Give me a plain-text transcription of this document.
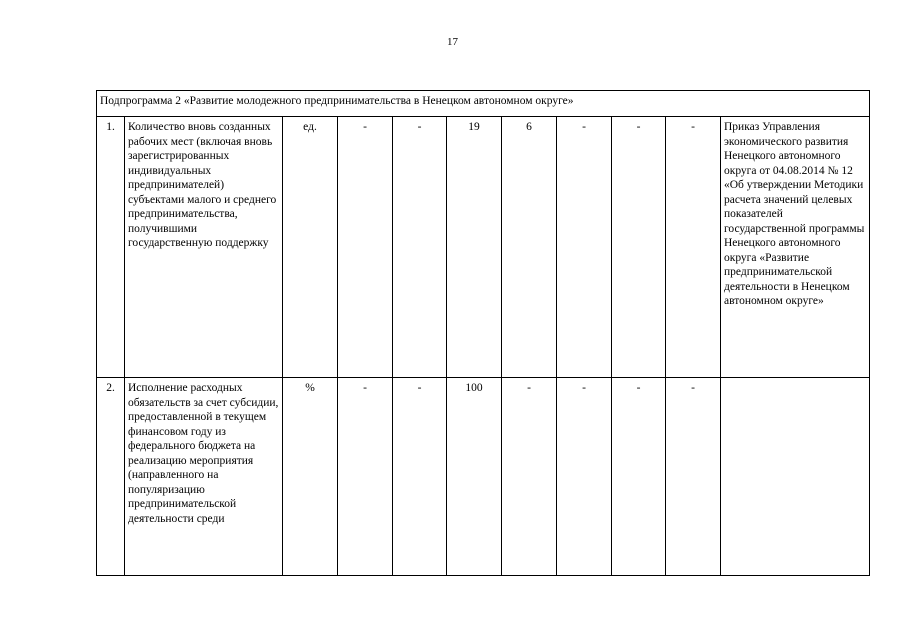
17
Подпрограмма 2 «Развитие молодежного предпринимательства в Ненецком автономном округе»										
1.	Количество вновь созданных рабочих мест (включая вновь зарегистрированных индивидуальных предпринимателей) субъектами малого и среднего предпринимательства, получившими государственную поддержку	ед.	-	-	19	6	-	-	-	Приказ Управления экономического развития Ненецкого автономного округа от 04.08.2014 № 12 «Об утверждении Методики расчета значений целевых показателей государственной программы Ненецкого автономного округа «Развитие предпринимательской деятельности в Ненецком автономном округе»
2.	Исполнение расходных обязательств за счет субсидии, предоставленной в текущем финансовом году из федерального бюджета на реализацию мероприятия (направленного на популяризацию предпринимательской деятельности среди	%	-	-	100	-	-	-	-	
